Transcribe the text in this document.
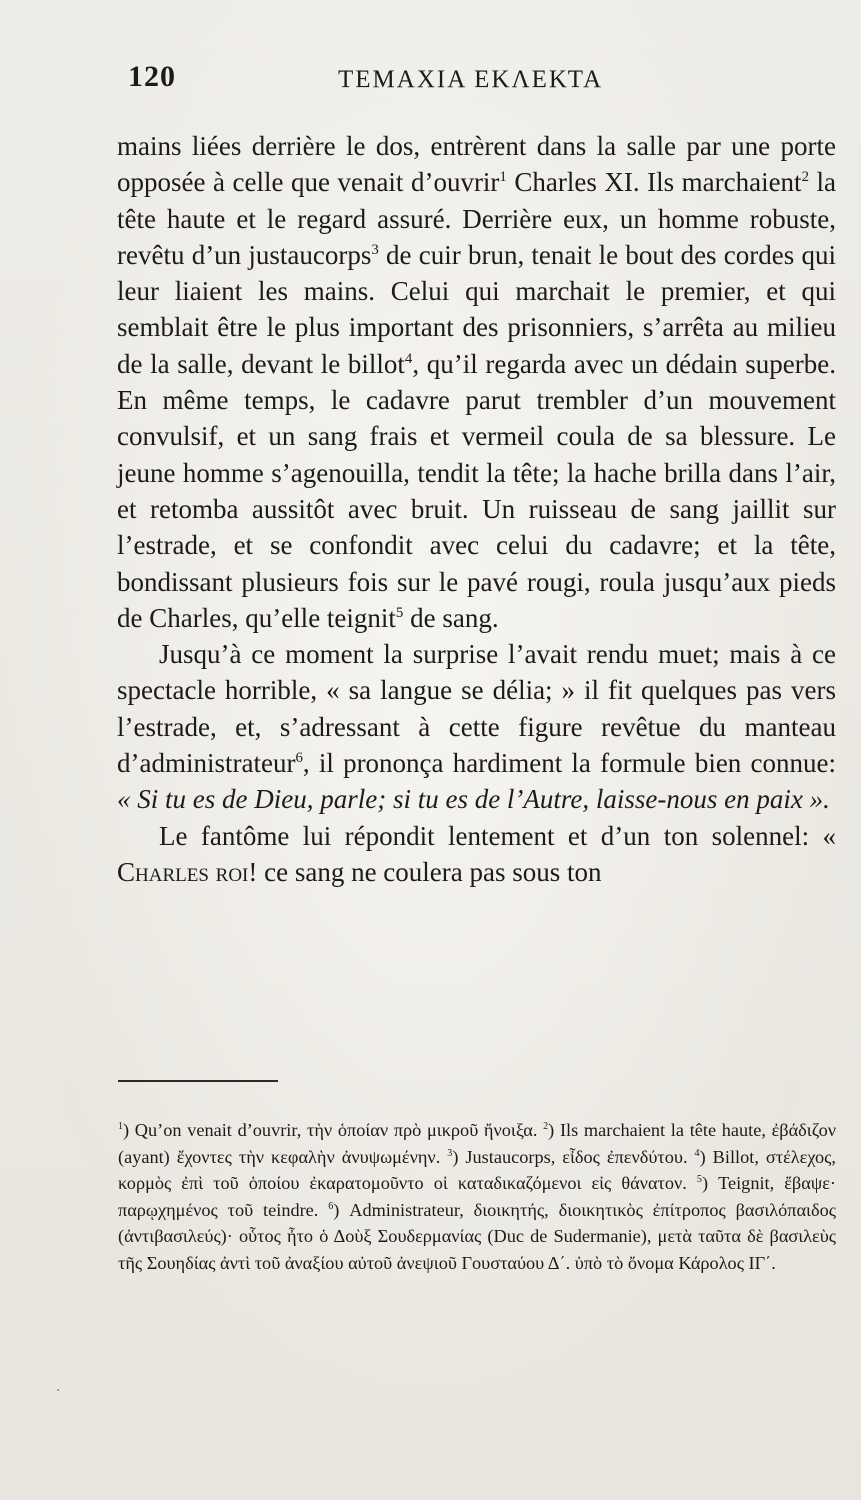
120	ΤΕΜΑΧΙΑ ΕΚΛΕΚΤΑ

mains liées derrière le dos, entrèrent dans la salle par une porte opposée à celle que venait d’ouvrir$^1$ Charles XI. Ils marchaient$^2$ la tête haute et le regard assuré. Derrière eux, un homme robuste, revêtu d’un justaucorps$^3$ de cuir brun, tenait le bout des cordes qui leur liaient les mains. Celui qui marchait le premier, et qui semblait être le plus important des prisonniers, s’arrêta au milieu de la salle, devant le billot$^4$, qu’il regarda avec un dédain superbe. En même temps, le cadavre parut trembler d’un mouvement convulsif, et un sang frais et vermeil coula de sa blessure. Le jeune homme s’agenouilla, tendit la tête; la hache brilla dans l’air, et retomba aussitôt avec bruit. Un ruisseau de sang jaillit sur l’estrade, et se confondit avec celui du cadavre; et la tête, bondissant plusieurs fois sur le pavé rougi, roula jusqu’aux pieds de Charles, qu’elle teignit$^5$ de sang.

Jusqu’à ce moment la surprise l’avait rendu muet; mais à ce spectacle horrible, « sa langue se délia; » il fit quelques pas vers l’estrade, et, s’adressant à cette figure revêtue du manteau d’administrateur$^6$, il prononça hardiment la formule bien connue: « Si tu es de Dieu, parle; si tu es de l’Autre, laisse-nous en paix ».

Le fantôme lui répondit lentement et d’un ton solennel: « Charles roi! ce sang ne coulera pas sous ton

$^1$) Qu’on venait d’ouvrir, τὴν ὁποίαν πρὸ μικροῦ ἤνοιξα. $^2$) Ils marchaient la tête haute, ἐβάδιζον (ayant) ἔχοντες τὴν κεφαλὴν ἀνυψωμένην. $^3$) Justaucorps, εἶδος ἐπενδύτου. $^4$) Billot, στέλεχος, κορμὸς ἐπὶ τοῦ ὁποίου ἐκαρατομοῦντο οἱ καταδικαζόμενοι εἰς θάνατον. $^5$) Teignit, ἔβαψε· παρῳχημένος τοῦ teindre. $^6$) Administrateur, διοικητής, διοικητικὸς ἐπίτροπος βασιλόπαιδος (ἀντιβασιλεύς)· οὗτος ἦτο ὁ Δοὺξ Σουδερμανίας (Duc de Sudermanie), μετὰ ταῦτα δὲ βασιλεὺς τῆς Σουηδίας ἀντὶ τοῦ ἀναξίου αὐτοῦ ἀνεψιοῦ Γουσταύου Δ΄. ὑπὸ τὸ ὄνομα Κάρολος ΙΓ΄.

·
